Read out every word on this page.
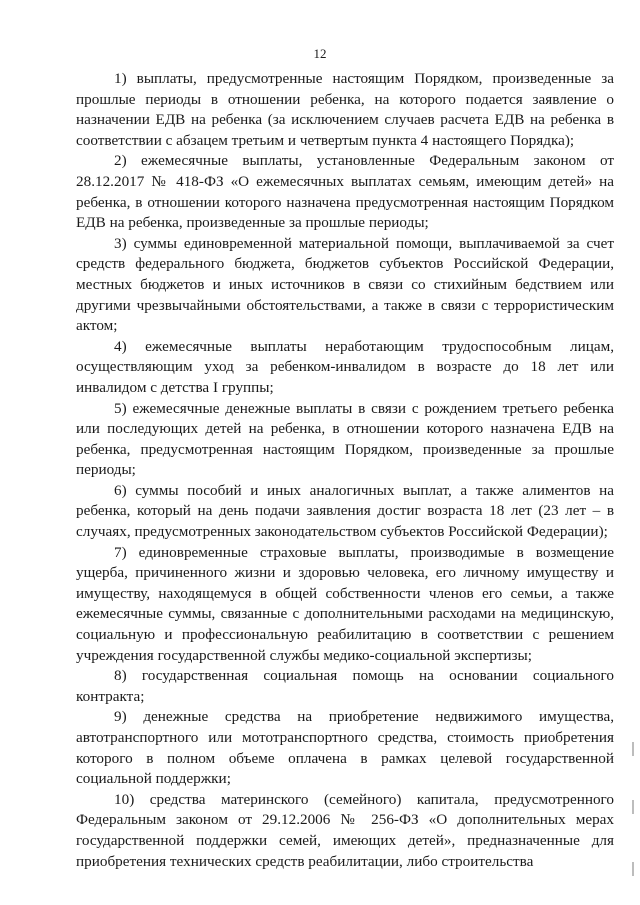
12

1) выплаты, предусмотренные настоящим Порядком, произведенные за прошлые периоды в отношении ребенка, на которого подается заявление о назначении ЕДВ на ребенка (за исключением случаев расчета ЕДВ на ребенка в соответствии с абзацем третьим и четвертым пункта 4 настоящего Порядка);

2) ежемесячные выплаты, установленные Федеральным законом от 28.12.2017 № 418-ФЗ «О ежемесячных выплатах семьям, имеющим детей» на ребенка, в отношении которого назначена предусмотренная настоящим Порядком ЕДВ на ребенка, произведенные за прошлые периоды;

3) суммы единовременной материальной помощи, выплачиваемой за счет средств федерального бюджета, бюджетов субъектов Российской Федерации, местных бюджетов и иных источников в связи со стихийным бедствием или другими чрезвычайными обстоятельствами, а также в связи с террористическим актом;

4) ежемесячные выплаты неработающим трудоспособным лицам, осуществляющим уход за ребенком-инвалидом в возрасте до 18 лет или инвалидом с детства I группы;

5) ежемесячные денежные выплаты в связи с рождением третьего ребенка или последующих детей на ребенка, в отношении которого назначена ЕДВ на ребенка, предусмотренная настоящим Порядком, произведенные за прошлые периоды;

6) суммы пособий и иных аналогичных выплат, а также алиментов на ребенка, который на день подачи заявления достиг возраста 18 лет (23 лет – в случаях, предусмотренных законодательством субъектов Российской Федерации);

7) единовременные страховые выплаты, производимые в возмещение ущерба, причиненного жизни и здоровью человека, его личному имуществу и имуществу, находящемуся в общей собственности членов его семьи, а также ежемесячные суммы, связанные с дополнительными расходами на медицинскую, социальную и профессиональную реабилитацию в соответствии с решением учреждения государственной службы медико-социальной экспертизы;

8) государственная социальная помощь на основании социального контракта;

9) денежные средства на приобретение недвижимого имущества, автотранспортного или мототранспортного средства, стоимость приобретения которого в полном объеме оплачена в рамках целевой государственной социальной поддержки;

10) средства материнского (семейного) капитала, предусмотренного Федеральным законом от 29.12.2006 № 256-ФЗ «О дополнительных мерах государственной поддержки семей, имеющих детей», предназначенные для приобретения технических средств реабилитации, либо строительства
